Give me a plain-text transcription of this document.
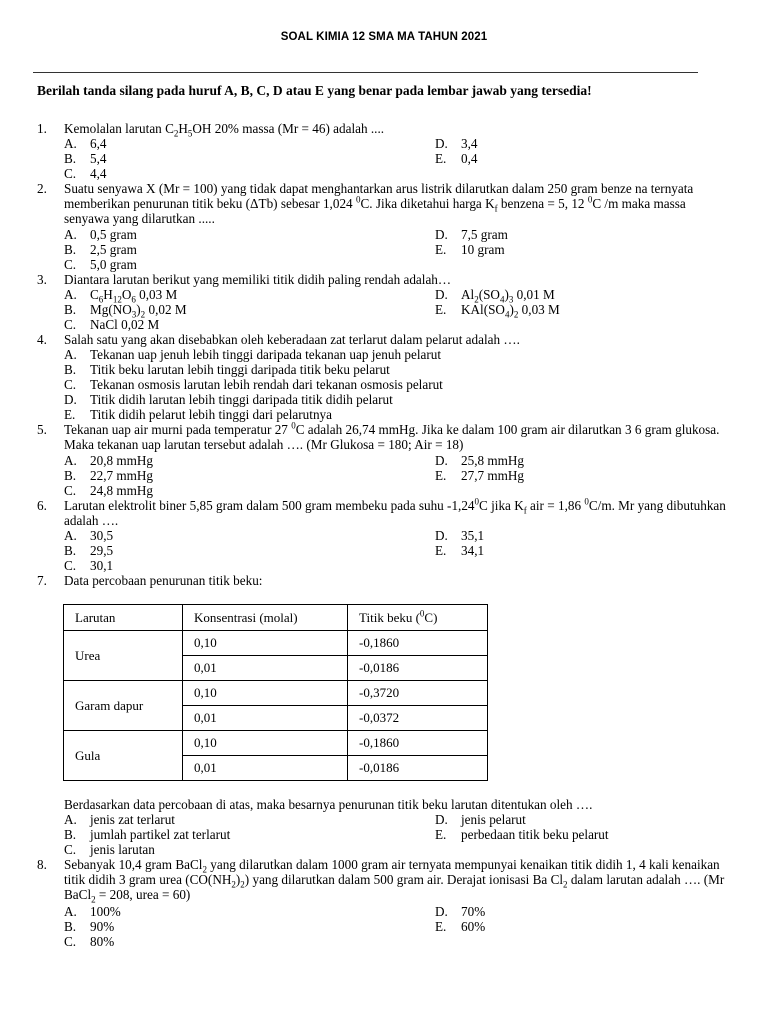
SOAL KIMIA 12 SMA MA TAHUN 2021
Berilah tanda silang pada huruf A, B, C, D atau E yang benar pada lembar jawab yang tersedia!
1. Kemolalan larutan $C_2H_5OH$ 20% massa (Mr = 46) adalah ....
A. 6,4
B. 5,4
C. 4,4
D. 3,4
E. 0,4
2. Suatu senyawa X (Mr = 100) yang tidak dapat menghantarkan arus listrik dilarutkan dalam 250 gram benze na ternyata memberikan penurunan titik beku (ΔTb) sebesar 1,024 $^0$C. Jika diketahui harga $K_f$ benzena = 5, 12 $^0$C /m maka massa senyawa yang dilarutkan .....
A. 0,5 gram
B. 2,5 gram
C. 5,0 gram
D. 7,5 gram
E. 10 gram
3. Diantara larutan berikut yang memiliki titik didih paling rendah adalah…
A. $C_6H_{12}O_6$ 0,03 M
B. $Mg(NO_3)_2$ 0,02 M
C. NaCl 0,02 M
D. $Al_2(SO_4)_3$ 0,01 M
E. $KAl(SO_4)_2$ 0,03 M
4. Salah satu yang akan disebabkan oleh keberadaan zat terlarut dalam pelarut adalah ….
A. Tekanan uap jenuh lebih tinggi daripada tekanan uap jenuh pelarut
B. Titik beku larutan lebih tinggi daripada titik beku pelarut
C. Tekanan osmosis larutan lebih rendah dari tekanan osmosis pelarut
D. Titik didih larutan lebih tinggi daripada titik didih pelarut
E. Titik didih pelarut lebih tinggi dari pelarutnya
5. Tekanan uap air murni pada temperatur 27 $^0$C adalah 26,74 mmHg. Jika ke dalam 100 gram air dilarutkan 3 6 gram glukosa. Maka tekanan uap larutan tersebut adalah …. (Mr Glukosa = 180; Air = 18)
A. 20,8 mmHg
B. 22,7 mmHg
C. 24,8 mmHg
D. 25,8 mmHg
E. 27,7 mmHg
6. Larutan elektrolit biner 5,85 gram dalam 500 gram membeku pada suhu -1,24$^0$C jika $K_f$ air = 1,86 $^0$C/m. Mr yang dibutuhkan adalah ….
A. 30,5
B. 29,5
C. 30,1
D. 35,1
E. 34,1
7. Data percobaan penurunan titik beku:
Larutan	Konsentrasi (molal)	Titik beku ($^0$C)
Urea	0,10	-0,1860
	0,01	-0,0186
Garam dapur	0,10	-0,3720
	0,01	-0,0372
Gula	0,10	-0,1860
	0,01	-0,0186
Berdasarkan data percobaan di atas, maka besarnya penurunan titik beku larutan ditentukan oleh ….
A. jenis zat terlarut
B. jumlah partikel zat terlarut
C. jenis larutan
D. jenis pelarut
E. perbedaan titik beku pelarut
8. Sebanyak 10,4 gram BaCl$_2$ yang dilarutkan dalam 1000 gram air ternyata mempunyai kenaikan titik didih 1, 4 kali kenaikan titik didih 3 gram urea $(CO(NH_2)_2)$ yang dilarutkan dalam 500 gram air. Derajat ionisasi Ba $Cl_2$ dalam larutan adalah …. (Mr BaCl$_2$ = 208, urea = 60)
A. 100%
B. 90%
C. 80%
D. 70%
E. 60%
